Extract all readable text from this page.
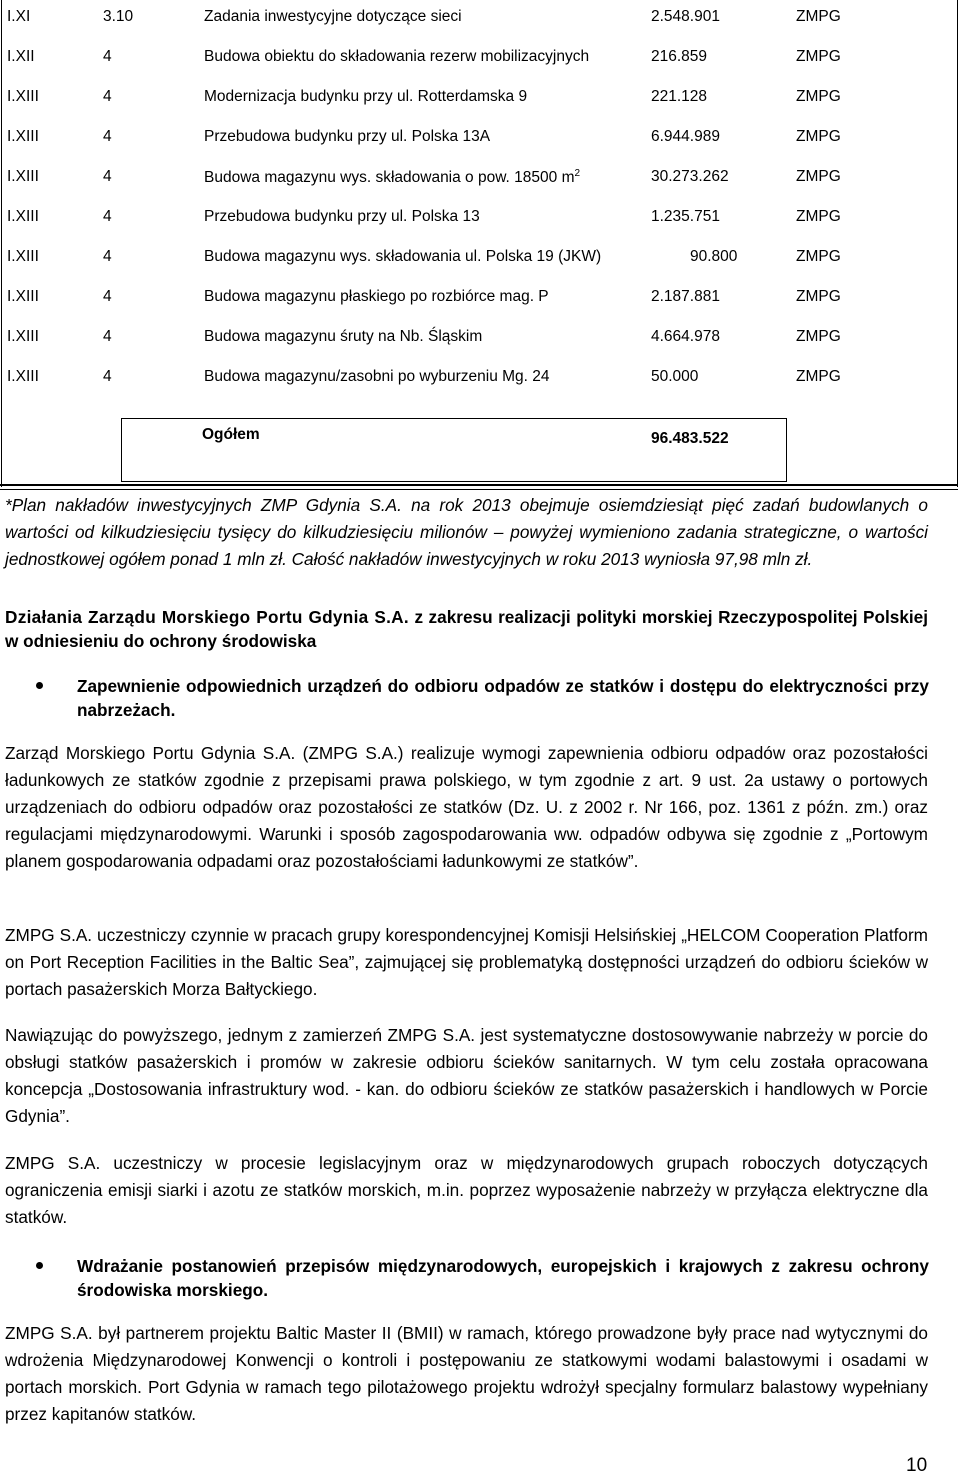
I.XI	3.10	Zadania inwestycyjne dotyczące sieci	2.548.901	ZMPG
I.XII	4	Budowa obiektu do składowania rezerw mobilizacyjnych	216.859	ZMPG
I.XIII	4	Modernizacja budynku przy ul. Rotterdamska 9	221.128	ZMPG
I.XIII	4	Przebudowa budynku przy ul. Polska 13A	6.944.989	ZMPG
I.XIII	4	Budowa magazynu wys. składowania o pow. 18500 $m^2$	30.273.262	ZMPG
I.XIII	4	Przebudowa budynku przy ul. Polska 13	1.235.751	ZMPG
I.XIII	4	Budowa magazynu wys. składowania ul. Polska 19 (JKW)	90.800	ZMPG
I.XIII	4	Budowa magazynu płaskiego po rozbiórce mag. P	2.187.881	ZMPG
I.XIII	4	Budowa magazynu śruty na Nb. Śląskim	4.664.978	ZMPG
I.XIII	4	Budowa magazynu/zasobni po wyburzeniu Mg. 24	50.000	ZMPG
Ogółem	96.483.522
*Plan nakładów inwestycyjnych ZMP Gdynia S.A. na rok 2013 obejmuje osiemdziesiąt pięć zadań budowlanych o wartości od kilkudziesięciu tysięcy do kilkudziesięciu milionów – powyżej wymieniono zadania strategiczne, o wartości jednostkowej ogółem ponad 1 mln zł. Całość nakładów inwestycyjnych w roku 2013 wyniosła 97,98 mln zł.
Działania Zarządu Morskiego Portu Gdynia S.A. z zakresu realizacji polityki morskiej Rzeczypospolitej Polskiej w odniesieniu do ochrony środowiska
Zapewnienie odpowiednich urządzeń do odbioru odpadów ze statków i dostępu do elektryczności przy nabrzeżach.
Zarząd Morskiego Portu Gdynia S.A. (ZMPG S.A.) realizuje wymogi zapewnienia odbioru odpadów oraz pozostałości ładunkowych ze statków zgodnie z przepisami prawa polskiego, w tym zgodnie z art. 9 ust. 2a ustawy o portowych urządzeniach do odbioru odpadów oraz pozostałości ze statków (Dz. U. z 2002 r. Nr 166, poz. 1361 z późn. zm.) oraz regulacjami międzynarodowymi. Warunki i sposób zagospodarowania ww. odpadów odbywa się zgodnie z „Portowym planem gospodarowania odpadami oraz pozostałościami ładunkowymi ze statków”.
ZMPG S.A. uczestniczy czynnie w pracach grupy korespondencyjnej Komisji Helsińskiej „HELCOM Cooperation Platform on Port Reception Facilities in the Baltic Sea”, zajmującej się problematyką dostępności urządzeń do odbioru ścieków w portach pasażerskich Morza Bałtyckiego.
Nawiązując do powyższego, jednym z zamierzeń ZMPG S.A. jest systematyczne dostosowywanie nabrzeży w porcie do obsługi statków pasażerskich i promów w zakresie odbioru ścieków sanitarnych. W tym celu została opracowana koncepcja „Dostosowania infrastruktury wod. - kan. do odbioru ścieków ze statków pasażerskich i handlowych w Porcie Gdynia”.
ZMPG S.A. uczestniczy w procesie legislacyjnym oraz w międzynarodowych grupach roboczych dotyczących ograniczenia emisji siarki i azotu ze statków morskich, m.in. poprzez wyposażenie nabrzeży w przyłącza elektryczne dla statków.
Wdrażanie postanowień przepisów międzynarodowych, europejskich i krajowych z zakresu ochrony środowiska morskiego.
ZMPG S.A. był partnerem projektu Baltic Master II (BMII) w ramach, którego prowadzone były prace nad wytycznymi do wdrożenia Międzynarodowej Konwencji o kontroli i postępowaniu ze statkowymi wodami balastowymi i osadami w portach morskich. Port Gdynia w ramach tego pilotażowego projektu wdrożył specjalny formularz balastowy wypełniany przez kapitanów statków.
10
